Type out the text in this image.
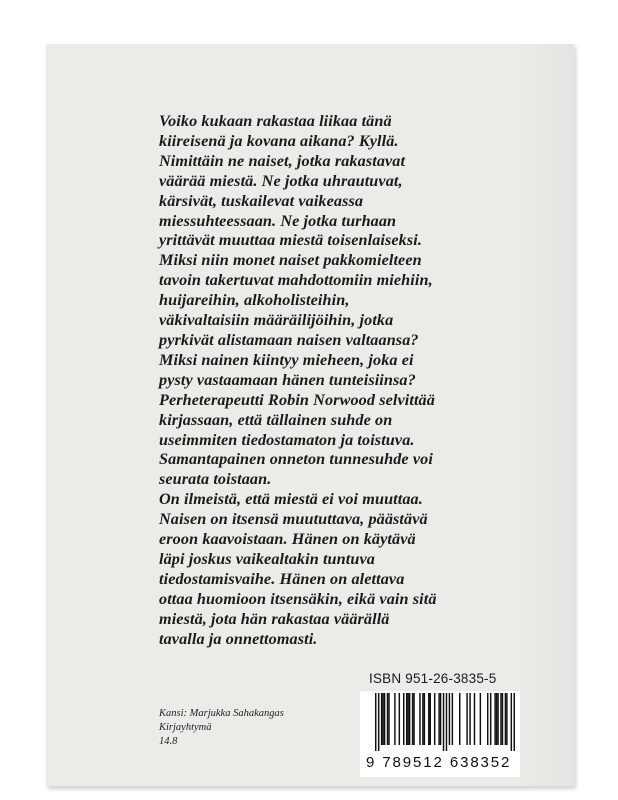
Voiko kukaan rakastaa liikaa tänä
kiireisenä ja kovana aikana? Kyllä.
Nimittäin ne naiset, jotka rakastavat
väärää miestä. Ne jotka uhrautuvat,
kärsivät, tuskailevat vaikeassa
miessuhteessaan. Ne jotka turhaan
yrittävät muuttaa miestä toisenlaiseksi.
Miksi niin monet naiset pakkomielteen
tavoin takertuvat mahdottomiin miehiin,
huijareihin, alkoholisteihin,
väkivaltaisiin määräilijöihin, jotka
pyrkivät alistamaan naisen valtaansa?
Miksi nainen kiintyy mieheen, joka ei
pysty vastaamaan hänen tunteisiinsa?
Perheterapeutti Robin Norwood selvittää
kirjassaan, että tällainen suhde on
useimmiten tiedostamaton ja toistuva.
Samantapainen onneton tunnesuhde voi
seurata toistaan.
On ilmeistä, että miestä ei voi muuttaa.
Naisen on itsensä muututtava, päästävä
eroon kaavoistaan. Hänen on käytävä
läpi joskus vaikealtakin tuntuva
tiedostamisvaihe. Hänen on alettava
ottaa huomioon itsensäkin, eikä vain sitä
miestä, jota hän rakastaa väärällä
tavalla ja onnettomasti.
Kansi: Marjukka Sahakangas
Kirjayhtymä
14.8
ISBN 951-26-3835-5
9 789512 638352
